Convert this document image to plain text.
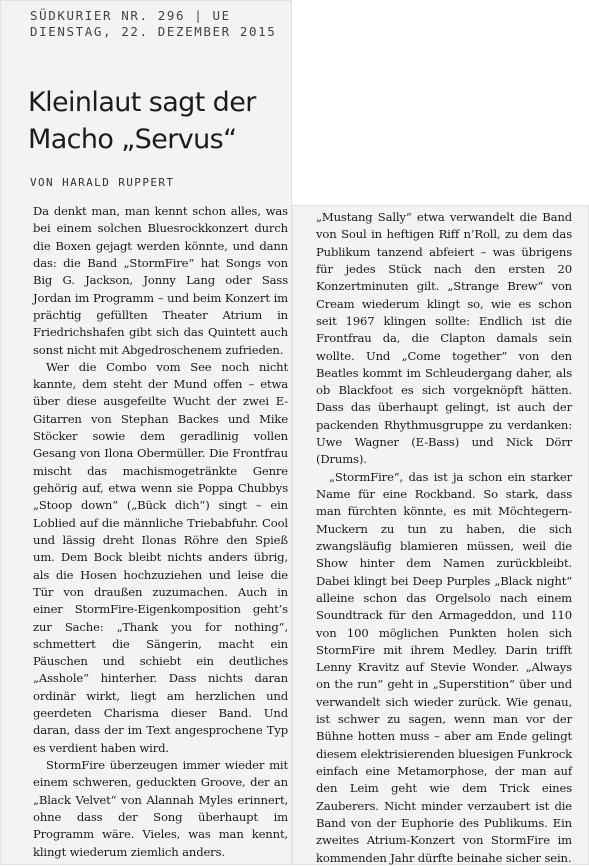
SÜDKURIER NR. 296 | UE
DIENSTAG, 22. DEZEMBER 2015
Kleinlaut sagt der
Macho „Servus“
VON HARALD RUPPERT

Da denkt man, man kennt schon alles, was bei einem solchen Bluesrockkonzert durch die Boxen gejagt werden könnte, und dann das: die Band „StormFire“ hat Songs von Big G. Jackson, Jonny Lang oder Sass Jordan im Programm – und beim Konzert im prächtig gefüllten Theater Atrium in Friedrichshafen gibt sich das Quintett auch sonst nicht mit Abgedroschenem zufrieden.

Wer die Combo vom See noch nicht kannte, dem steht der Mund offen – etwa über diese ausgefeilte Wucht der zwei E-Gitarren von Stephan Backes und Mike Stöcker sowie dem geradlinig vollen Gesang von Ilona Obermüller. Die Frontfrau mischt das machismogetränkte Genre gehörig auf, etwa wenn sie Poppa Chubbys „Stoop down“ („Bück dich“) singt – ein Loblied auf die männliche Triebabfuhr. Cool und lässig dreht Ilonas Röhre den Spieß um. Dem Bock bleibt nichts anders übrig, als die Hosen hochzuziehen und leise die Tür von draußen zuzumachen. Auch in einer StormFire-Eigenkomposition geht’s zur Sache: „Thank you for nothing“, schmettert die Sängerin, macht ein Päuschen und schiebt ein deutliches „Asshole“ hinterher. Dass nichts daran ordinär wirkt, liegt am herzlichen und geerdeten Charisma dieser Band. Und daran, dass der im Text angesprochene Typ es verdient haben wird.

StormFire überzeugen immer wieder mit einem schweren, geduckten Groove, der an „Black Velvet“ von Alannah Myles erinnert, ohne dass der Song überhaupt im Programm wäre. Vieles, was man kennt, klingt wiederum ziemlich anders.

„Mustang Sally“ etwa verwandelt die Band von Soul in heftigen Riff n’Roll, zu dem das Publikum tanzend abfeiert – was übrigens für jedes Stück nach den ersten 20 Konzertminuten gilt. „Strange Brew“ von Cream wiederum klingt so, wie es schon seit 1967 klingen sollte: Endlich ist die Frontfrau da, die Clapton damals sein wollte. Und „Come together“ von den Beatles kommt im Schleudergang daher, als ob Blackfoot es sich vorgeknöpft hätten. Dass das überhaupt gelingt, ist auch der packenden Rhythmusgruppe zu verdanken: Uwe Wagner (E-Bass) und Nick Dörr (Drums).

„StormFire“, das ist ja schon ein starker Name für eine Rockband. So stark, dass man fürchten könnte, es mit Möchtegern-Muckern zu tun zu haben, die sich zwangsläufig blamieren müssen, weil die Show hinter dem Namen zurückbleibt. Dabei klingt bei Deep Purples „Black night“ alleine schon das Orgelsolo nach einem Soundtrack für den Armageddon, und 110 von 100 möglichen Punkten holen sich StormFire mit ihrem Medley. Darin trifft Lenny Kravitz auf Stevie Wonder. „Always on the run“ geht in „Superstition“ über und verwandelt sich wieder zurück. Wie genau, ist schwer zu sagen, wenn man vor der Bühne hotten muss – aber am Ende gelingt diesem elektrisierenden bluesigen Funkrock einfach eine Metamorphose, der man auf den Leim geht wie dem Trick eines Zauberers. Nicht minder verzaubert ist die Band von der Euphorie des Publikums. Ein zweites Atrium-Konzert von StormFire im kommenden Jahr dürfte beinahe sicher sein.
